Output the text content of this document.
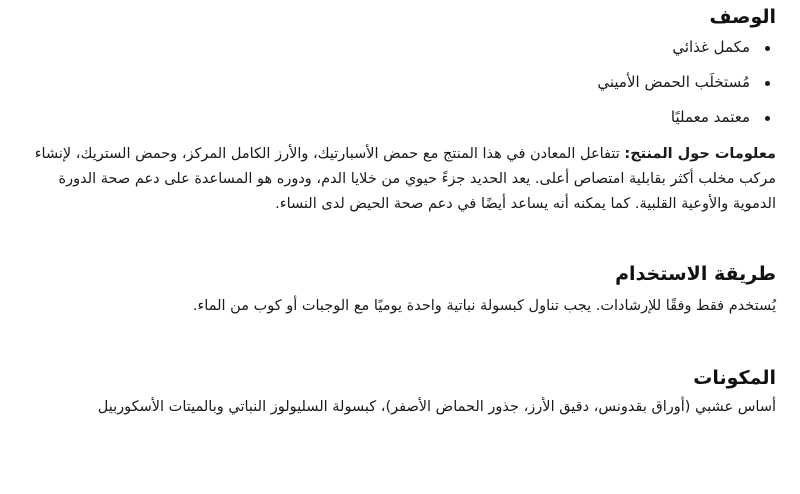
الوصف
مكمل غذائي
مُستخلَب الحمض الأميني
معتمد معمليًا

معلومات حول المنتج: تتفاعل المعادن في هذا المنتج مع حمض الأسبارتيك، والأرز الكامل المركز، وحمض الستريك، لإنشاء مركب مخلب أكثر بقابلية امتصاص أعلى. يعد الحديد جزءً حيوي من خلايا الدم، ودوره هو المساعدة على دعم صحة الدورة الدموية والأوعية القلبية. كما يمكنه أنه يساعد أيضًا في دعم صحة الحيض لدى النساء.

طريقة الاستخدام

يُستخدم فقط وفقًا للإرشادات. يجب تناول كبسولة نباتية واحدة يوميًا مع الوجبات أو كوب من الماء.

المكونات

أساس عشبي (أوراق بقدونس، دقيق الأرز، جذور الحماض الأصفر)، كبسولة السليولوز النباتي وبالميتات الأسكوربيل
